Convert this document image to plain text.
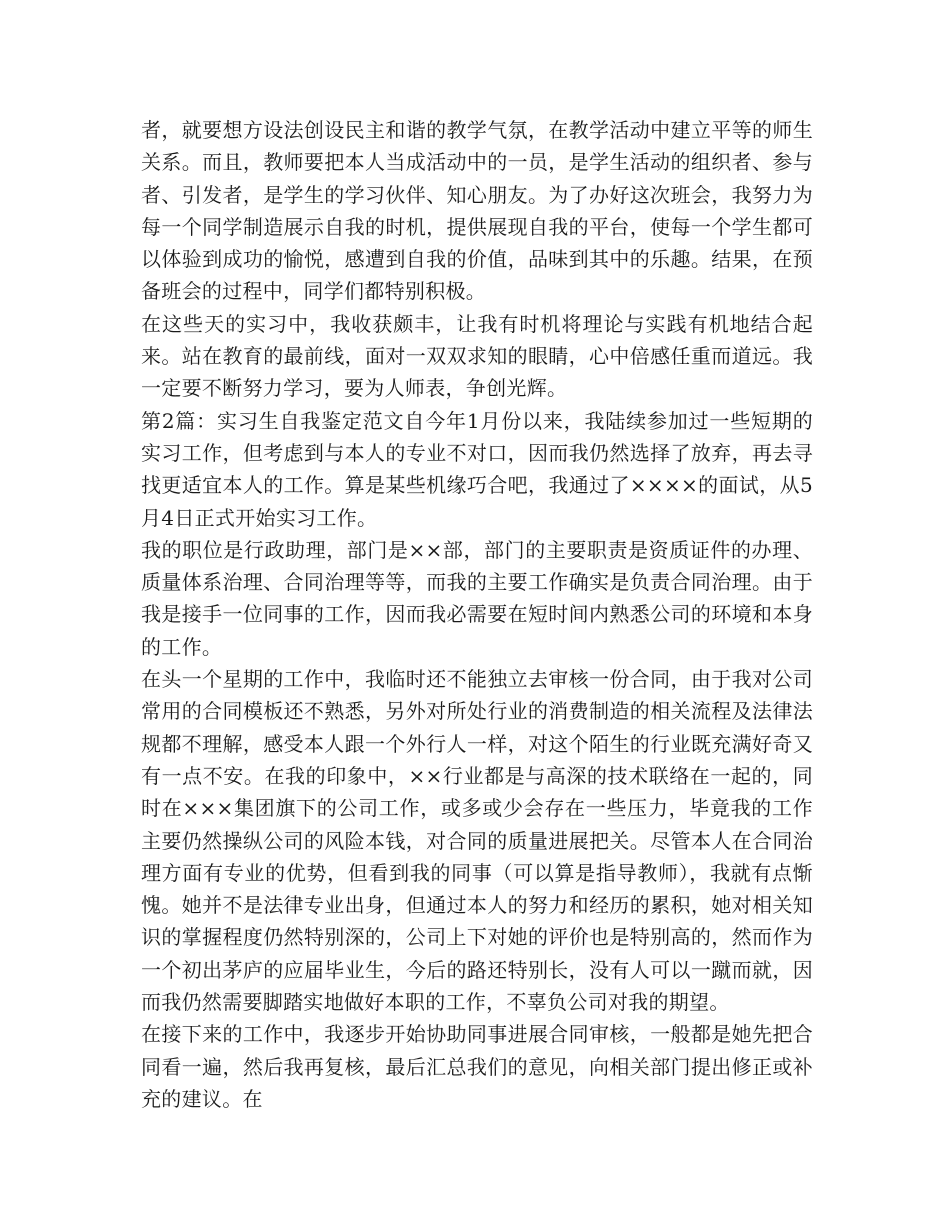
者，就要想方设法创设民主和谐的教学气氛，在教学活动中建立平等的师生关系。而且，教师要把本人当成活动中的一员，是学生活动的组织者、参与者、引发者，是学生的学习伙伴、知心朋友。为了办好这次班会，我努力为每一个同学制造展示自我的时机，提供展现自我的平台，使每一个学生都可以体验到成功的愉悦，感遭到自我的价值，品味到其中的乐趣。结果，在预备班会的过程中，同学们都特别积极。

在这些天的实习中，我收获颇丰，让我有时机将理论与实践有机地结合起来。站在教育的最前线，面对一双双求知的眼睛，心中倍感任重而道远。我一定要不断努力学习，要为人师表，争创光辉。

第2篇：实习生自我鉴定范文自今年1月份以来，我陆续参加过一些短期的实习工作，但考虑到与本人的专业不对口，因而我仍然选择了放弃，再去寻找更适宜本人的工作。算是某些机缘巧合吧，我通过了××××的面试，从5月4日正式开始实习工作。

我的职位是行政助理，部门是××部，部门的主要职责是资质证件的办理、质量体系治理、合同治理等等，而我的主要工作确实是负责合同治理。由于我是接手一位同事的工作，因而我必需要在短时间内熟悉公司的环境和本身的工作。

在头一个星期的工作中，我临时还不能独立去审核一份合同，由于我对公司常用的合同模板还不熟悉，另外对所处行业的消费制造的相关流程及法律法规都不理解，感受本人跟一个外行人一样，对这个陌生的行业既充满好奇又有一点不安。在我的印象中，××行业都是与高深的技术联络在一起的，同时在×××集团旗下的公司工作，或多或少会存在一些压力，毕竟我的工作主要仍然操纵公司的风险本钱，对合同的质量进展把关。尽管本人在合同治理方面有专业的优势，但看到我的同事（可以算是指导教师），我就有点惭愧。她并不是法律专业出身，但通过本人的努力和经历的累积，她对相关知识的掌握程度仍然特别深的，公司上下对她的评价也是特别高的，然而作为一个初出茅庐的应届毕业生，今后的路还特别长，没有人可以一蹴而就，因而我仍然需要脚踏实地做好本职的工作，不辜负公司对我的期望。

在接下来的工作中，我逐步开始协助同事进展合同审核，一般都是她先把合同看一遍，然后我再复核，最后汇总我们的意见，向相关部门提出修正或补充的建议。在
